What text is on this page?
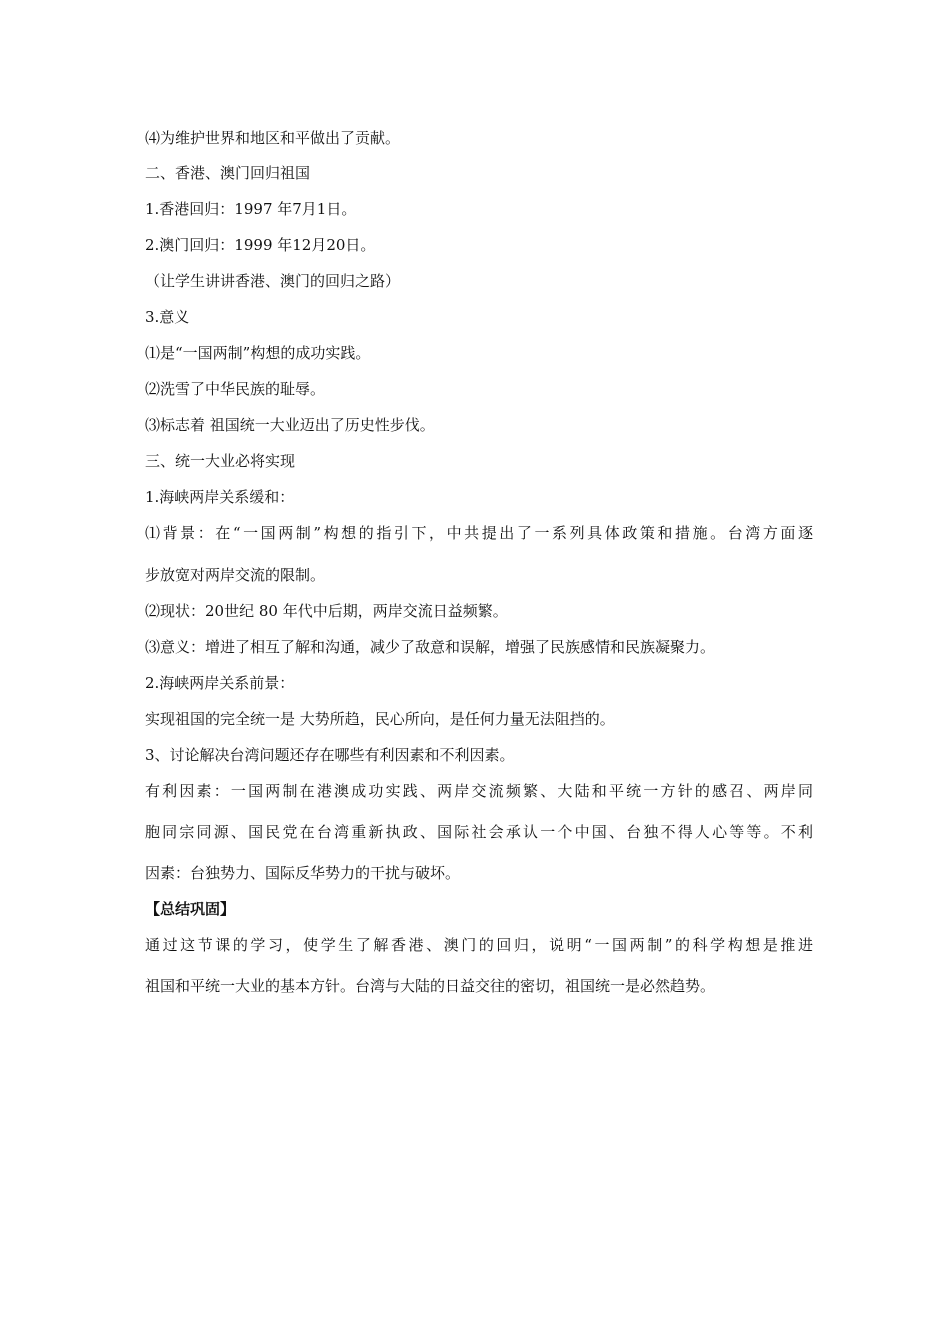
⑷为维护世界和地区和平做出了贡献。
二、香港、澳门回归祖国
1.香港回归：1997 年7月1日。
2.澳门回归：1999 年12月20日。
（让学生讲讲香港、澳门的回归之路）
3.意义
⑴是“一国两制”构想的成功实践。
⑵洗雪了中华民族的耻辱。
⑶标志着 祖国统一大业迈出了历史性步伐。
三、统一大业必将实现
1.海峡两岸关系缓和：
⑴背景：在“一国两制”构想的指引下，中共提出了一系列具体政策和措施。台湾方面逐
步放宽对两岸交流的限制。
⑵现状：20世纪 80 年代中后期，两岸交流日益频繁。
⑶意义：增进了相互了解和沟通，减少了敌意和误解，增强了民族感情和民族凝聚力。
2.海峡两岸关系前景：
实现祖国的完全统一是 大势所趋，民心所向，是任何力量无法阻挡的。
3、讨论解决台湾问题还存在哪些有利因素和不利因素。
有利因素：一国两制在港澳成功实践、两岸交流频繁、大陆和平统一方针的感召、两岸同
胞同宗同源、国民党在台湾重新执政、国际社会承认一个中国、台独不得人心等等。不利
因素：台独势力、国际反华势力的干扰与破坏。
【总结巩固】
通过这节课的学习，使学生了解香港、澳门的回归，说明“一国两制”的科学构想是推进
祖国和平统一大业的基本方针。台湾与大陆的日益交往的密切，祖国统一是必然趋势。
